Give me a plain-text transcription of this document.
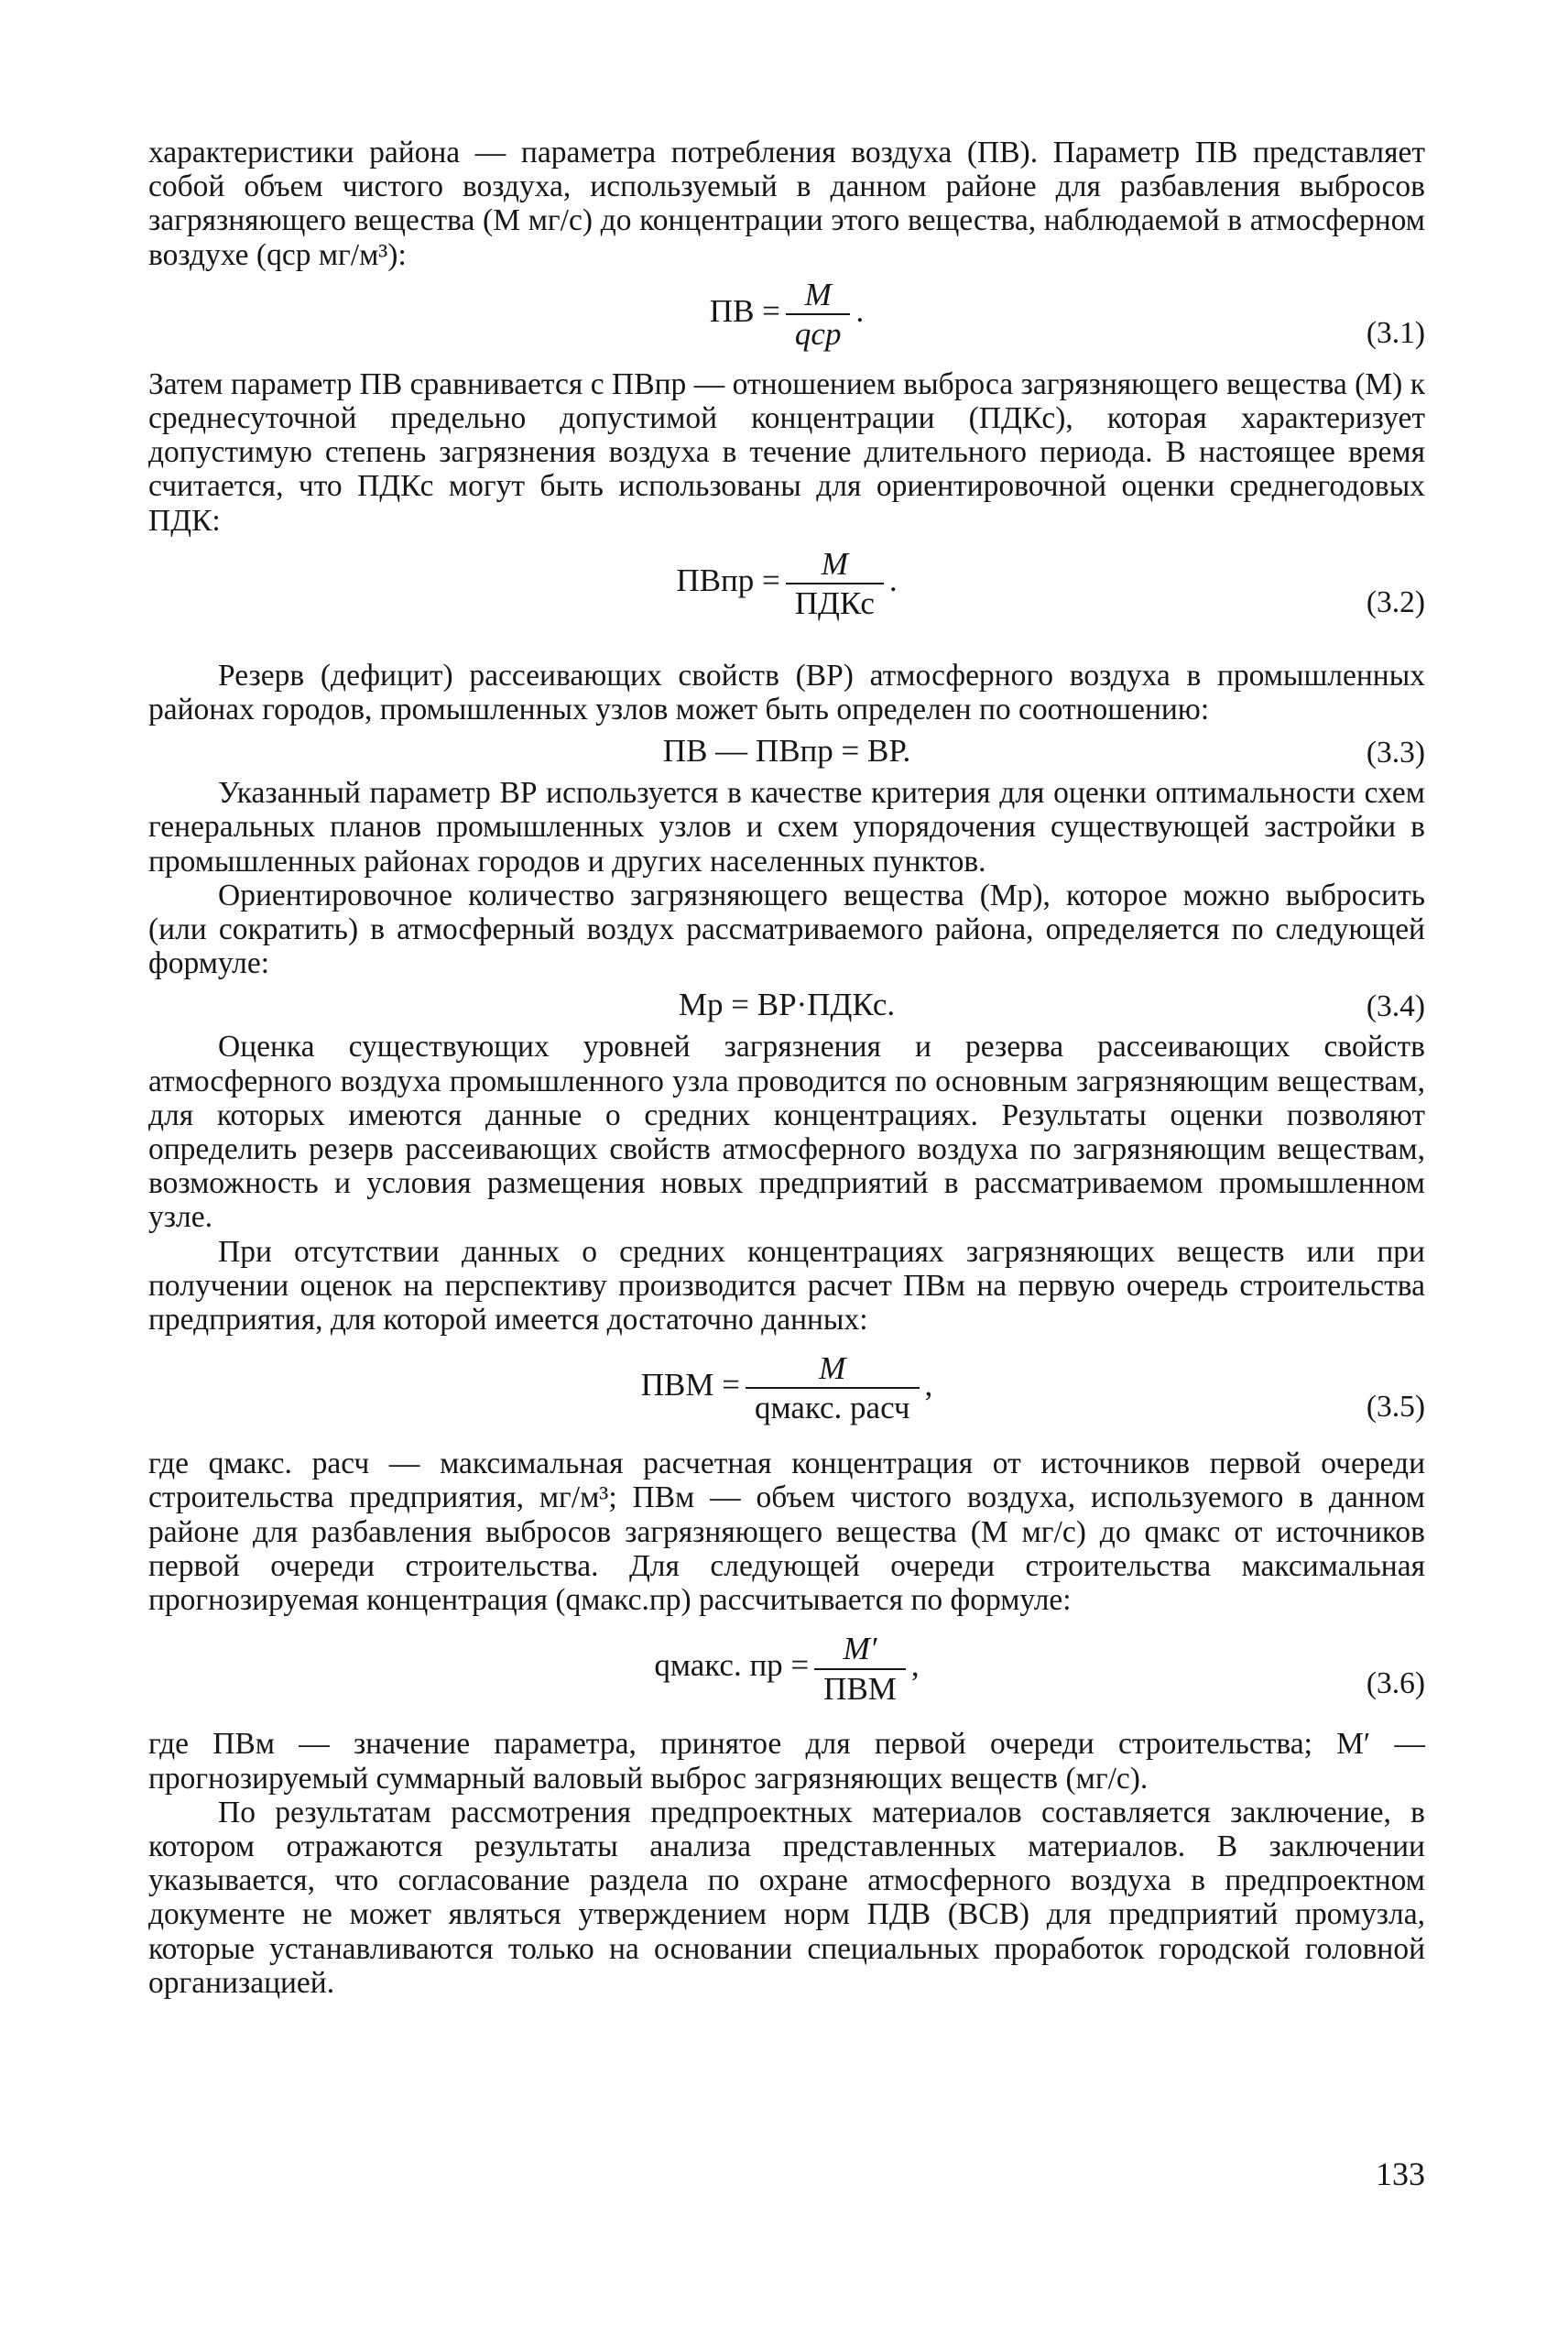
характеристики района — параметра потребления воздуха (ПВ). Параметр ПВ представляет собой объем чистого воздуха, используемый в данном районе для разбавления выбросов загрязняющего вещества (М мг/с) до концентрации этого вещества, наблюдаемой в атмосферном воздухе (qср мг/м³):

ПВ = $\frac{M}{\text{qср}}$ .
(3.1)

Затем параметр ПВ сравнивается с ПВпр — отношением выброса загрязняющего вещества (М) к среднесуточной предельно допустимой концентрации (ПДКс), которая характеризует допустимую степень загрязнения воздуха в течение длительного периода. В настоящее время считается, что ПДКс могут быть использованы для ориентировочной оценки среднегодовых ПДК:

ПВпр = $\frac{M}{\text{ПДКс}}$ .
(3.2)

Резерв (дефицит) рассеивающих свойств (ВР) атмосферного воздуха в промышленных районах городов, промышленных узлов может быть определен по соотношению:

ПВ — ПВпр = ВР.	(3.3)

Указанный параметр ВР используется в качестве критерия для оценки оптимальности схем генеральных планов промышленных узлов и схем упорядочения существующей застройки в промышленных районах городов и других населенных пунктов.

Ориентировочное количество загрязняющего вещества (Мр), которое можно выбросить (или сократить) в атмосферный воздух рассматриваемого района, определяется по следующей формуле:

Мр = ВР·ПДКс.	(3.4)

Оценка существующих уровней загрязнения и резерва рассеивающих свойств атмосферного воздуха промышленного узла проводится по основным загрязняющим веществам, для которых имеются данные о средних концентрациях. Результаты оценки позволяют определить резерв рассеивающих свойств атмосферного воздуха по загрязняющим веществам, возможность и условия размещения новых предприятий в рассматриваемом промышленном узле.

При отсутствии данных о средних концентрациях загрязняющих веществ или при получении оценок на перспективу производится расчет ПВм на первую очередь строительства предприятия, для которой имеется достаточно данных:

ПВM = $\frac{M}{\text{qмакс. расч}}$ ,
(3.5)

где qмакс. расч — максимальная расчетная концентрация от источников первой очереди строительства предприятия, мг/м³; ПВм — объем чистого воздуха, используемого в данном районе для разбавления выбросов загрязняющего вещества (М мг/с) до qмакс от источников первой очереди строительства. Для следующей очереди строительства максимальная прогнозируемая концентрация (qмакс.пр) рассчитывается по формуле:

qмакс. пр = $\frac{M'}{\text{ПВM}}$ ,
(3.6)

где ПВм — значение параметра, принятое для первой очереди строительства; М′ — прогнозируемый суммарный валовый выброс загрязняющих веществ (мг/с).

По результатам рассмотрения предпроектных материалов составляется заключение, в котором отражаются результаты анализа представленных материалов. В заключении указывается, что согласование раздела по охране атмосферного воздуха в предпроектном документе не может являться утверждением норм ПДВ (ВСВ) для предприятий промузла, которые устанавливаются только на основании специальных проработок городской головной организацией.

133
